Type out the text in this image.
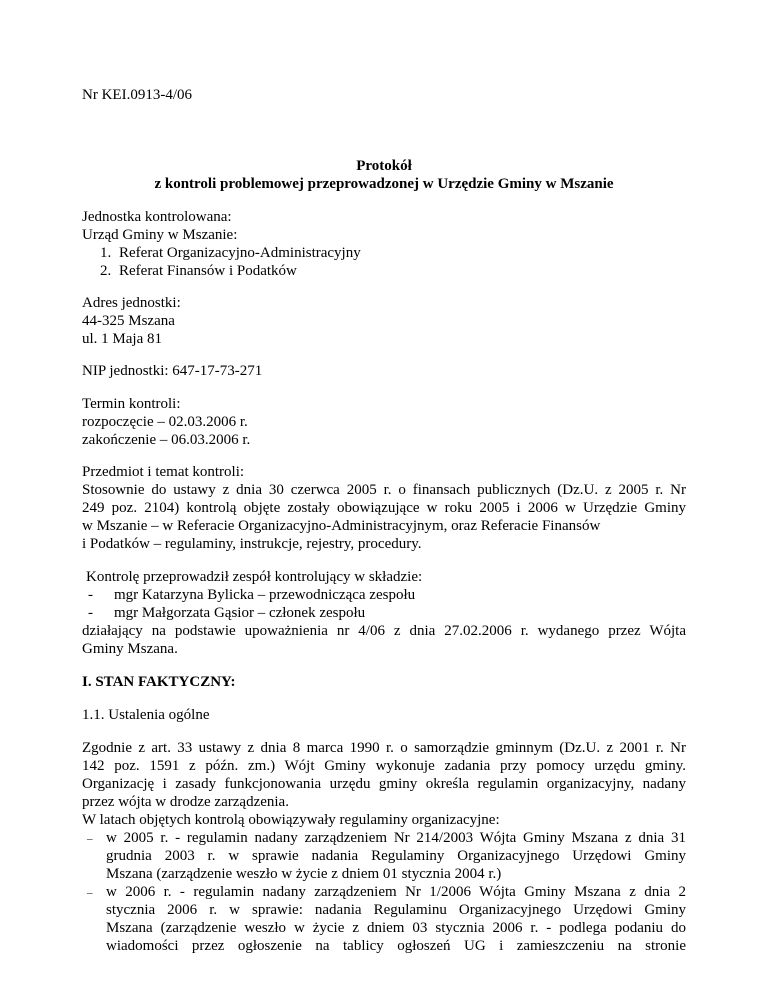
Nr KEI.0913-4/06
Protokół
z kontroli problemowej przeprowadzonej w Urzędzie Gminy w Mszanie
Jednostka kontrolowana:
Urząd Gminy w Mszanie:
1. Referat Organizacyjno-Administracyjny
2. Referat Finansów i Podatków
Adres jednostki:
44-325 Mszana
ul. 1 Maja 81
NIP jednostki: 647-17-73-271
Termin kontroli:
rozpoczęcie – 02.03.2006 r.
zakończenie – 06.03.2006 r.
Przedmiot i temat kontroli:
Stosownie do ustawy z dnia 30 czerwca 2005 r. o finansach publicznych (Dz.U. z 2005 r. Nr
249 poz. 2104) kontrolą objęte zostały obowiązujące w roku 2005 i 2006 w Urzędzie Gminy
w Mszanie – w Referacie Organizacyjno-Administracyjnym, oraz Referacie Finansów
i Podatków – regulaminy, instrukcje, rejestry, procedury.
Kontrolę przeprowadził zespół kontrolujący w składzie:
- mgr Katarzyna Bylicka – przewodnicząca zespołu
- mgr Małgorzata Gąsior – członek zespołu
działający na podstawie upoważnienia nr 4/06 z dnia 27.02.2006 r. wydanego przez Wójta
Gminy Mszana.
I. STAN FAKTYCZNY:
1.1. Ustalenia ogólne
Zgodnie z art. 33 ustawy z dnia 8 marca 1990 r. o samorządzie gminnym (Dz.U. z 2001 r. Nr
142 poz. 1591 z późn. zm.) Wójt Gminy wykonuje zadania przy pomocy urzędu gminy.
Organizację i zasady funkcjonowania urzędu gminy określa regulamin organizacyjny, nadany
przez wójta w drodze zarządzenia.
W latach objętych kontrolą obowiązywały regulaminy organizacyjne:
– w 2005 r. - regulamin nadany zarządzeniem Nr 214/2003 Wójta Gminy Mszana z dnia 31
grudnia 2003 r. w sprawie nadania Regulaminy Organizacyjnego Urzędowi Gminy
Mszana (zarządzenie weszło w życie z dniem 01 stycznia 2004 r.)
– w 2006 r. - regulamin nadany zarządzeniem Nr 1/2006 Wójta Gminy Mszana z dnia 2
stycznia 2006 r. w sprawie: nadania Regulaminu Organizacyjnego Urzędowi Gminy
Mszana (zarządzenie weszło w życie z dniem 03 stycznia 2006 r. - podlega podaniu do
wiadomości przez ogłoszenie na tablicy ogłoszeń UG i zamieszczeniu na stronie
